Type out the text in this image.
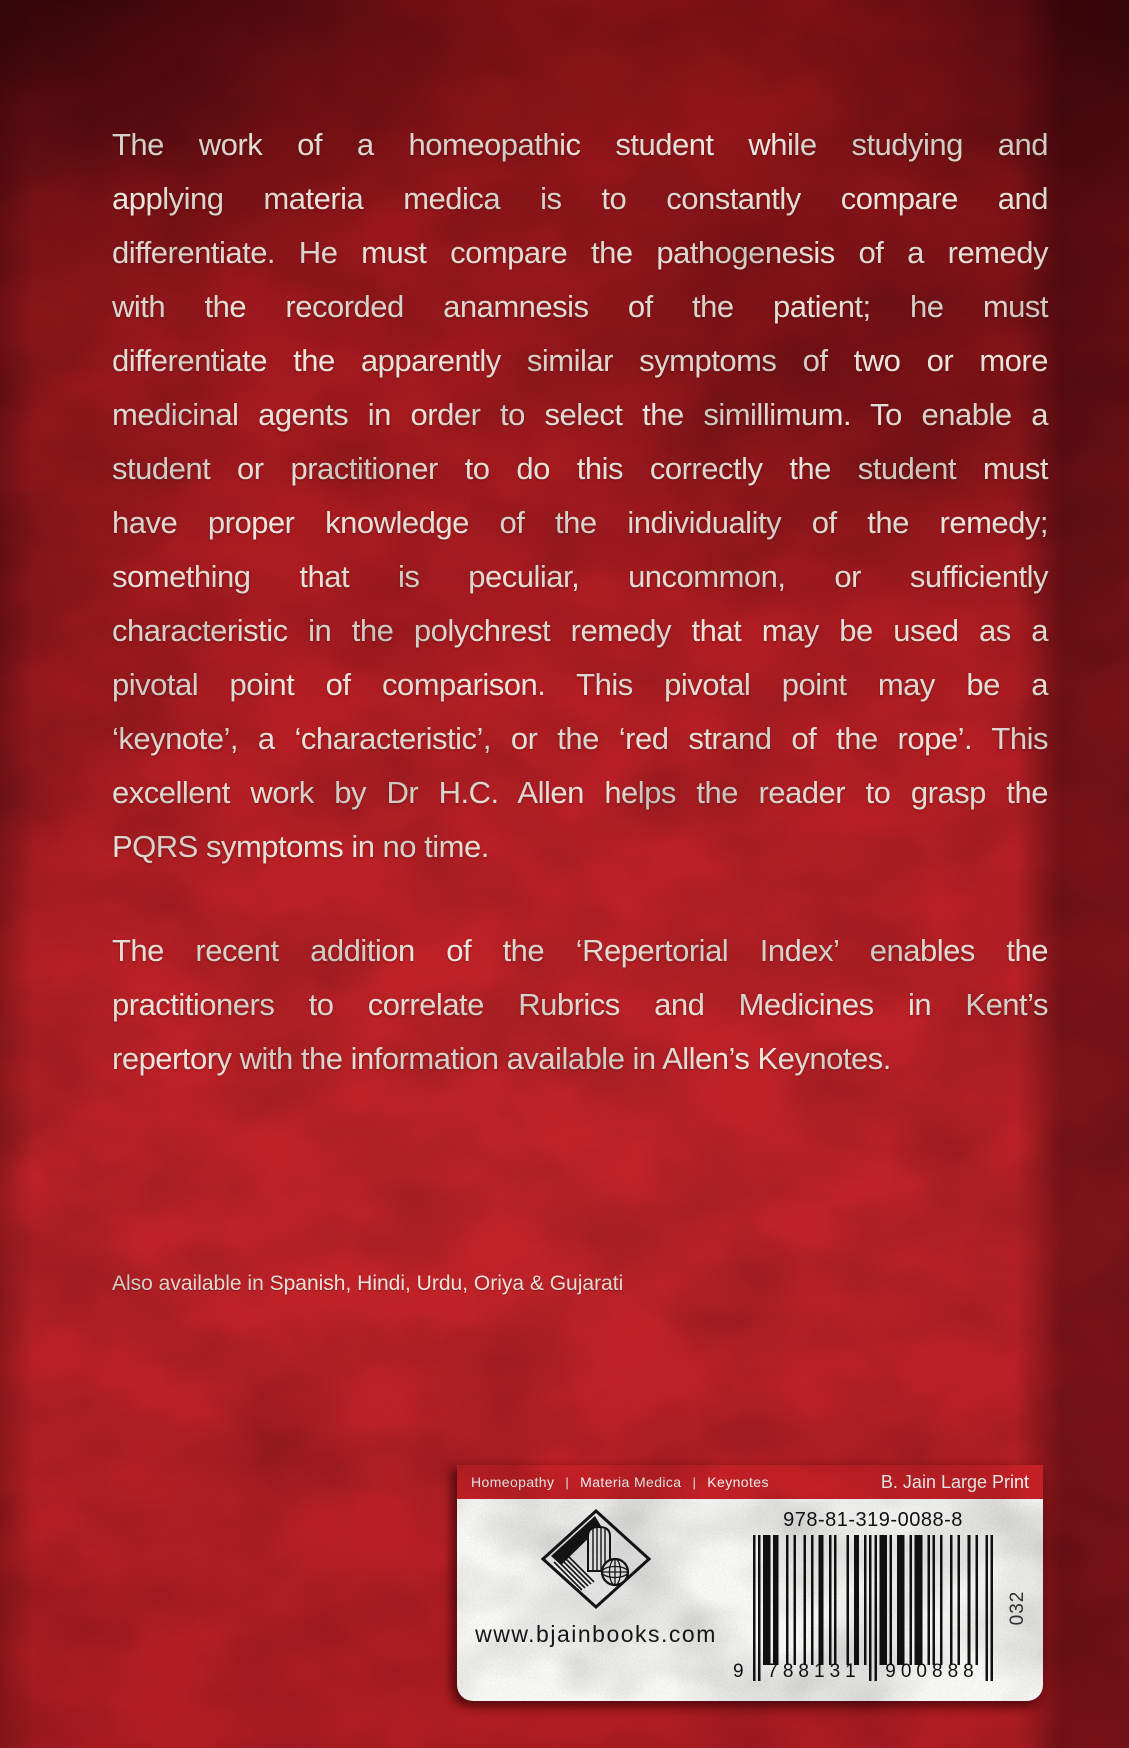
The work of a homeopathic student while studying and
applying materia medica is to constantly compare and
differentiate. He must compare the pathogenesis of a remedy
with the recorded anamnesis of the patient; he must
differentiate the apparently similar symptoms of two or more
medicinal agents in order to select the simillimum. To enable a
student or practitioner to do this correctly the student must
have proper knowledge of the individuality of the remedy;
something that is peculiar, uncommon, or sufficiently
characteristic in the polychrest remedy that may be used as a
pivotal point of comparison. This pivotal point may be a
‘keynote’, a ‘characteristic’, or the ‘red strand of the rope’. This
excellent work by Dr H.C. Allen helps the reader to grasp the
PQRS symptoms in no time.
The recent addition of the ‘Repertorial Index’ enables the
practitioners to correlate Rubrics and Medicines in Kent’s
repertory with the information available in Allen’s Keynotes.
Also available in Spanish, Hindi, Urdu, Oriya & Gujarati
Homeopathy | Materia Medica | Keynotes	B. Jain Large Print
www.bjainbooks.com
978-81-319-0088-8
9	788131	900888
032
